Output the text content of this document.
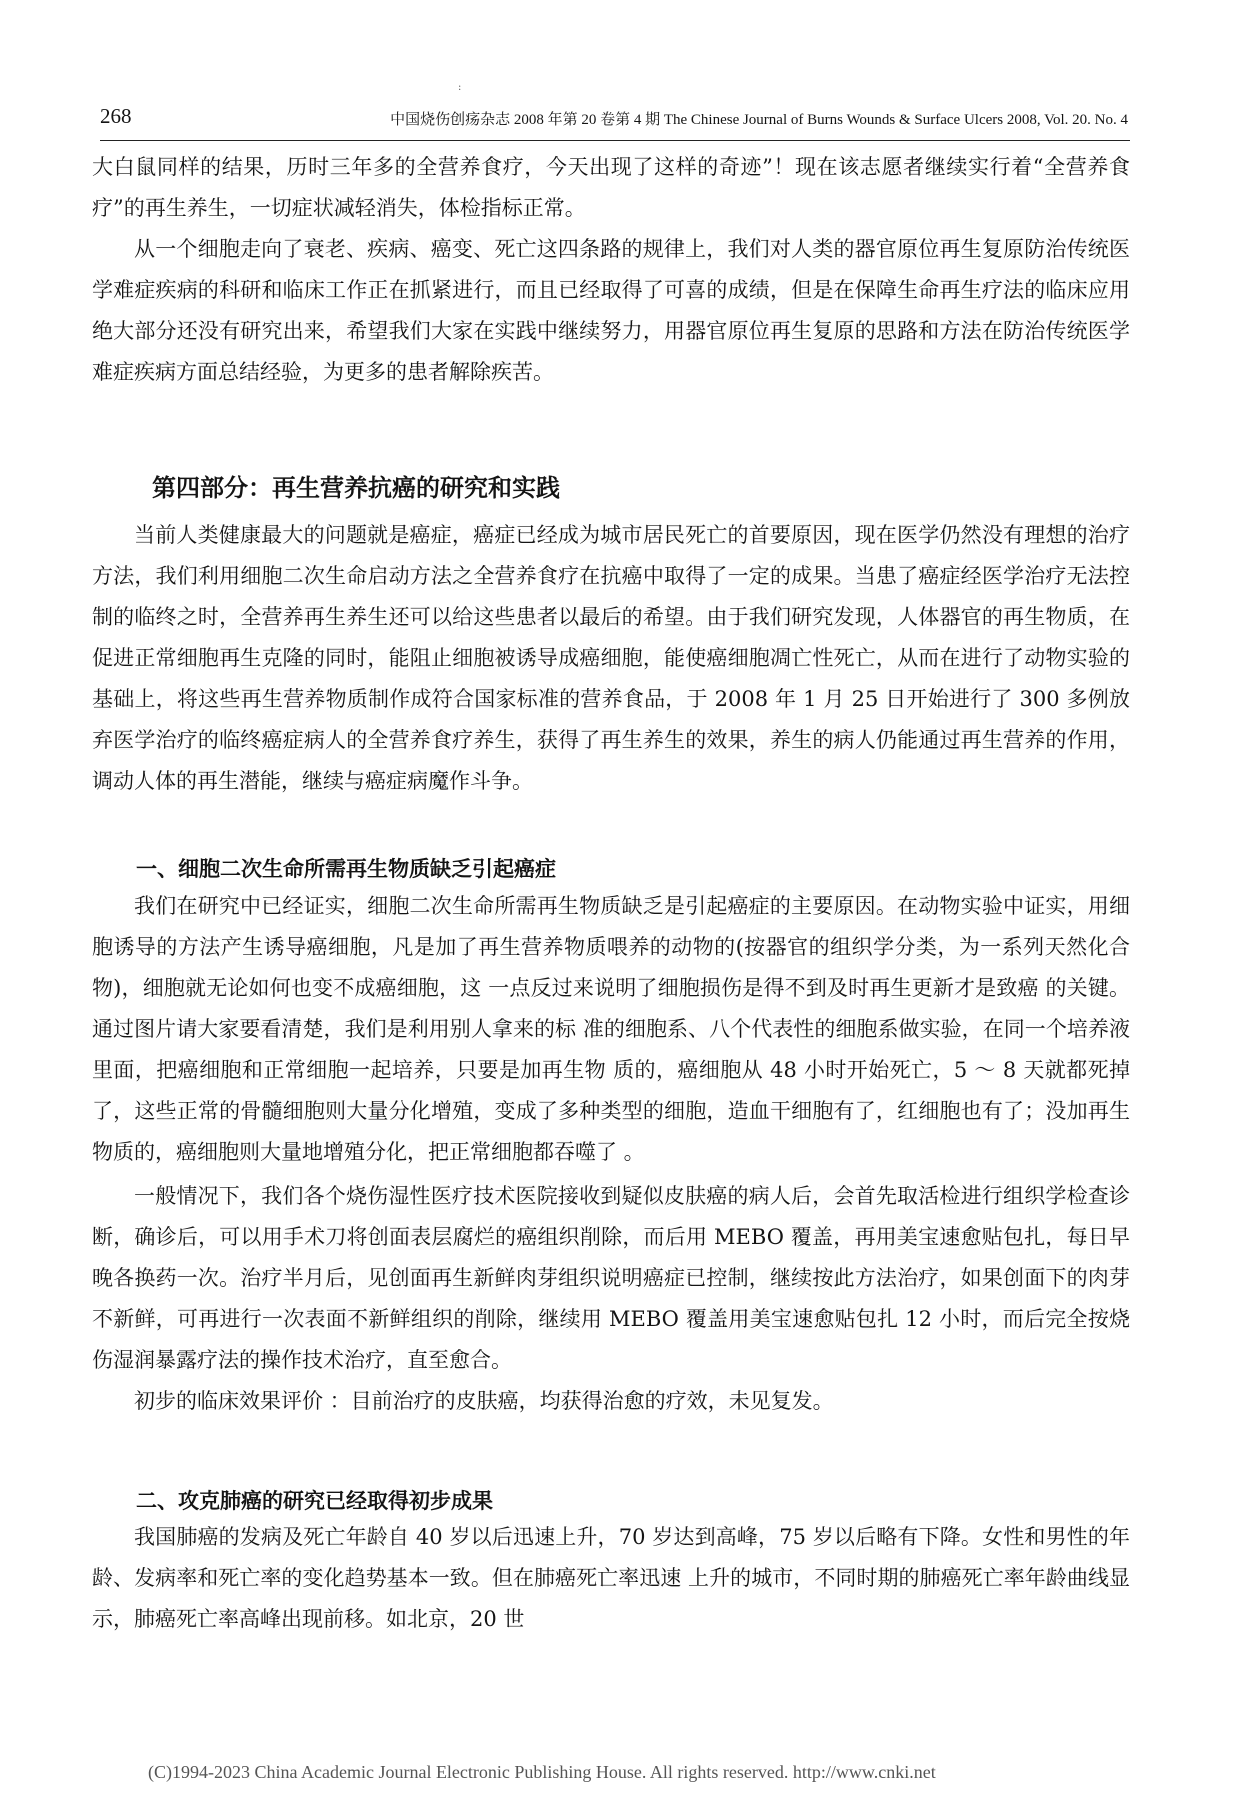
:
268	中国烧伤创疡杂志 2008 年第 20 卷第 4 期 The Chinese Journal of Burns Wounds & Surface Ulcers 2008, Vol. 20. No. 4

大白鼠同样的结果，历时三年多的全营养食疗，今天出现了这样的奇迹”！现在该志愿者继续实行着“全营养食疗”的再生养生，一切症状减轻消失，体检指标正常。

从一个细胞走向了衰老、疾病、癌变、死亡这四条路的规律上，我们对人类的器官原位再生复原防治传统医学难症疾病的科研和临床工作正在抓紧进行，而且已经取得了可喜的成绩，但是在保障生命再生疗法的临床应用绝大部分还没有研究出来，希望我们大家在实践中继续努力，用器官原位再生复原的思路和方法在防治传统医学难症疾病方面总结经验，为更多的患者解除疾苦。

第四部分：再生营养抗癌的研究和实践

当前人类健康最大的问题就是癌症，癌症已经成为城市居民死亡的首要原因，现在医学仍然没有理想的治疗方法，我们利用细胞二次生命启动方法之全营养食疗在抗癌中取得了一定的成果。当患了癌症经医学治疗无法控制的临终之时，全营养再生养生还可以给这些患者以最后的希望。由于我们研究发现，人体器官的再生物质，在促进正常细胞再生克隆的同时，能阻止细胞被诱导成癌细胞，能使癌细胞凋亡性死亡，从而在进行了动物实验的基础上，将这些再生营养物质制作成符合国家标准的营养食品，于 2008 年 1 月 25 日开始进行了 300 多例放弃医学治疗的临终癌症病人的全营养食疗养生，获得了再生养生的效果，养生的病人仍能通过再生营养的作用，调动人体的再生潜能，继续与癌症病魔作斗争。

一、细胞二次生命所需再生物质缺乏引起癌症

我们在研究中已经证实，细胞二次生命所需再生物质缺乏是引起癌症的主要原因。在动物实验中证实，用细胞诱导的方法产生诱导癌细胞，凡是加了再生营养物质喂养的动物的(按器官的组织学分类，为一系列天然化合物)，细胞就无论如何也变不成癌细胞，这 一点反过来说明了细胞损伤是得不到及时再生更新才是致癌 的关键。通过图片请大家要看清楚，我们是利用别人拿来的标 准的细胞系、八个代表性的细胞系做实验，在同一个培养液里面，把癌细胞和正常细胞一起培养，只要是加再生物 质的，癌细胞从 48 小时开始死亡，5 ～ 8 天就都死掉了，这些正常的骨髓细胞则大量分化增殖，变成了多种类型的细胞，造血干细胞有了，红细胞也有了；没加再生物质的，癌细胞则大量地增殖分化，把正常细胞都吞噬了 。

一般情况下，我们各个烧伤湿性医疗技术医院接收到疑似皮肤癌的病人后，会首先取活检进行组织学检查诊断，确诊后，可以用手术刀将创面表层腐烂的癌组织削除，而后用 MEBO 覆盖，再用美宝速愈贴包扎，每日早晚各换药一次。治疗半月后，见创面再生新鲜肉芽组织说明癌症已控制，继续按此方法治疗，如果创面下的肉芽不新鲜，可再进行一次表面不新鲜组织的削除，继续用 MEBO 覆盖用美宝速愈贴包扎 12 小时，而后完全按烧伤湿润暴露疗法的操作技术治疗，直至愈合。

初步的临床效果评价 ：目前治疗的皮肤癌，均获得治愈的疗效，未见复发。

二、攻克肺癌的研究已经取得初步成果

我国肺癌的发病及死亡年龄自 40 岁以后迅速上升，70 岁达到高峰，75 岁以后略有下降。女性和男性的年龄、发病率和死亡率的变化趋势基本一致。但在肺癌死亡率迅速 上升的城市，不同时期的肺癌死亡率年龄曲线显示，肺癌死亡率高峰出现前移。如北京，20 世

(C)1994-2023 China Academic Journal Electronic Publishing House. All rights reserved. http://www.cnki.net
